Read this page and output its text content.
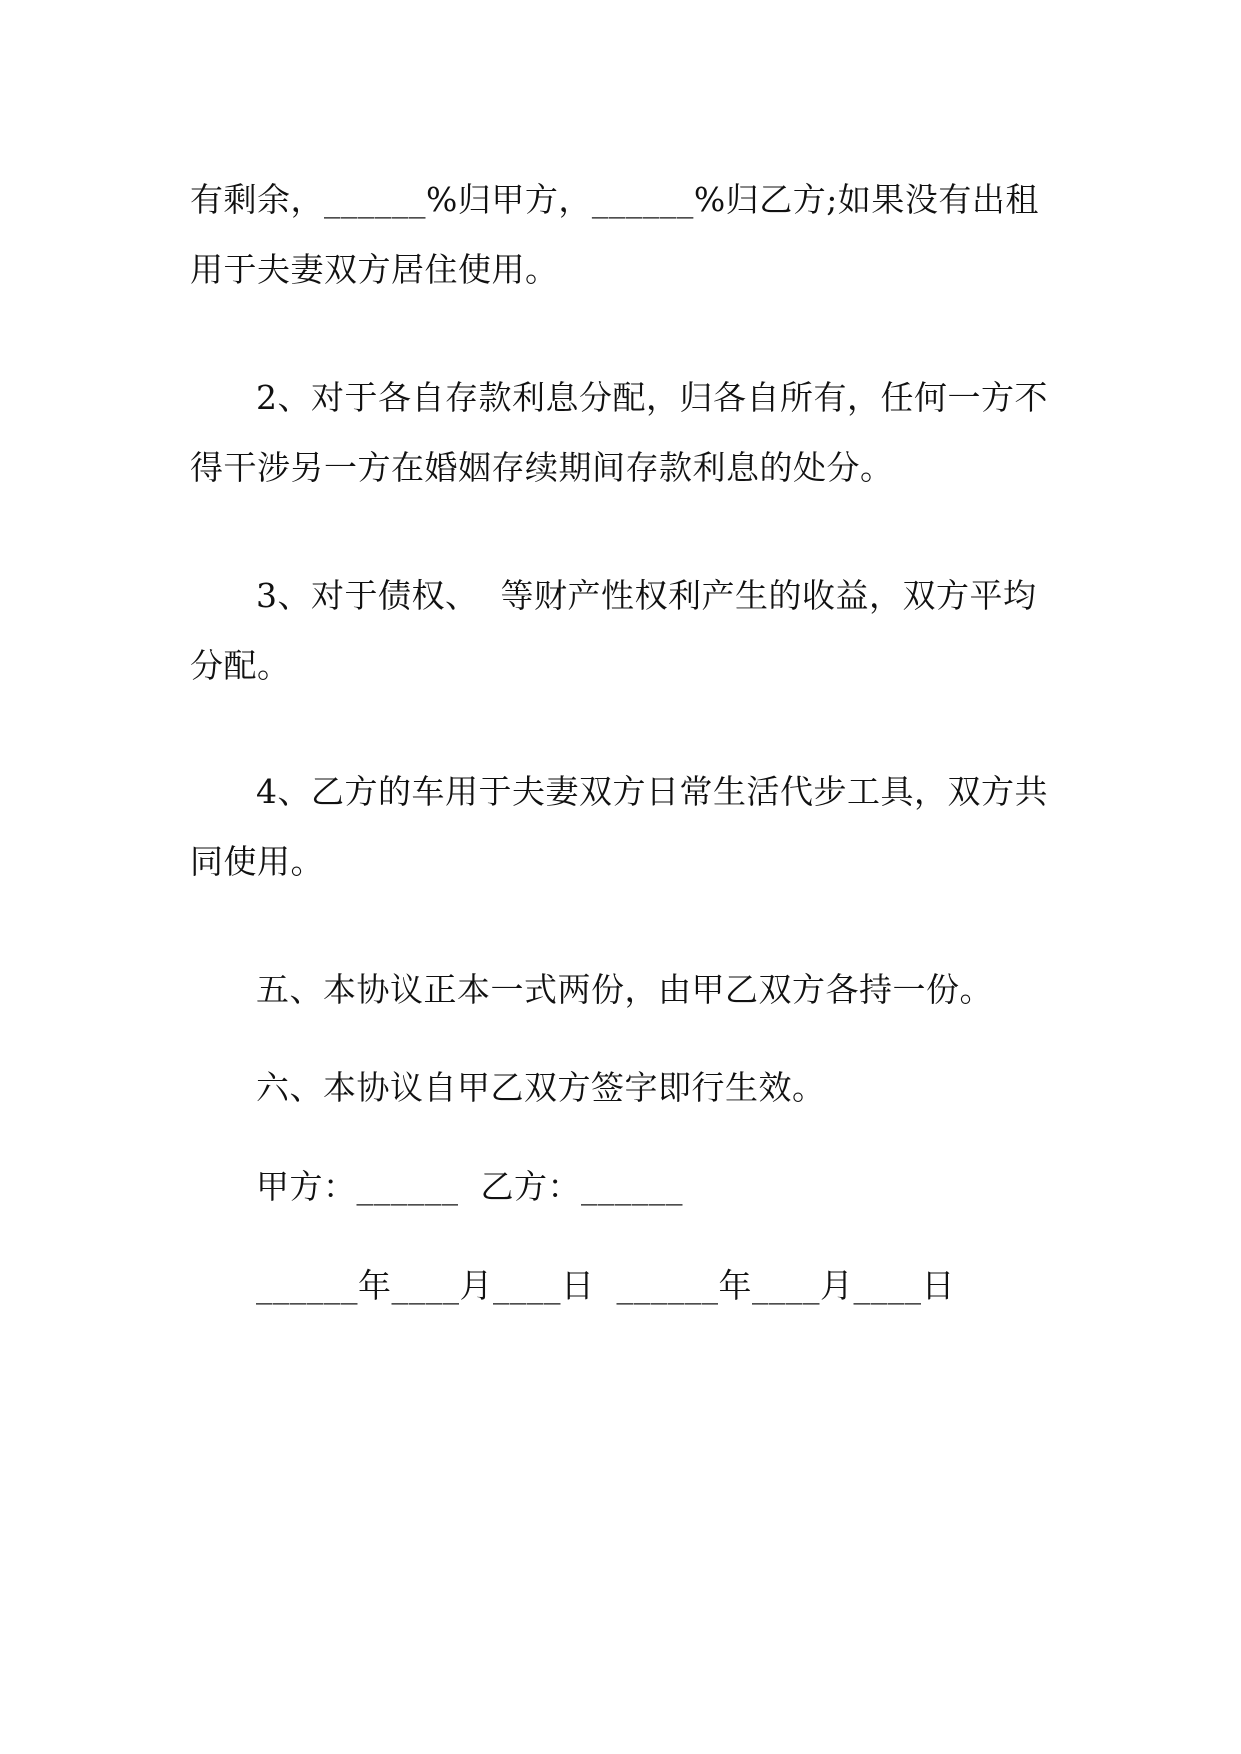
有剩余，______%归甲方，______%归乙方;如果没有出租
用于夫妻双方居住使用。
2、对于各自存款利息分配，归各自所有，任何一方不
得干涉另一方在婚姻存续期间存款利息的处分。
3、对于债权、  等财产性权利产生的收益，双方平均
分配。
4、乙方的车用于夫妻双方日常生活代步工具，双方共
同使用。
五、本协议正本一式两份，由甲乙双方各持一份。
六、本协议自甲乙双方签字即行生效。
甲方：______  乙方：______
______年____月____日  ______年____月____日
